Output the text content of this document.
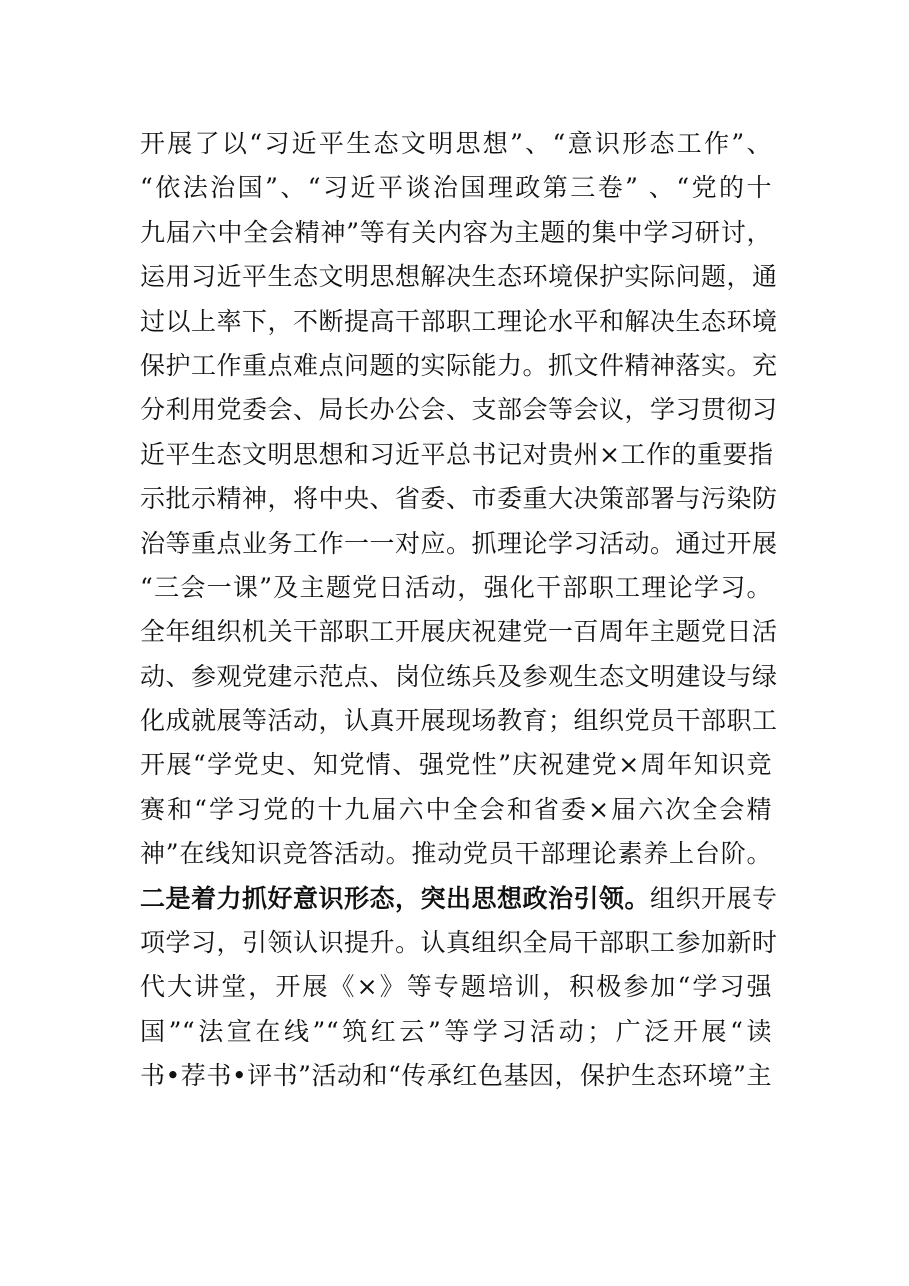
开展了以“习近平生态文明思想”、“意识形态工作”、
“依法治国”、“习近平谈治国理政第三卷” 、“党的十
九届六中全会精神”等有关内容为主题的集中学习研讨，
运用习近平生态文明思想解决生态环境保护实际问题，通
过以上率下，不断提高干部职工理论水平和解决生态环境
保护工作重点难点问题的实际能力。抓文件精神落实。充
分利用党委会、局长办公会、支部会等会议，学习贯彻习
近平生态文明思想和习近平总书记对贵州×工作的重要指
示批示精神，将中央、省委、市委重大决策部署与污染防
治等重点业务工作一一对应。抓理论学习活动。通过开展
“三会一课”及主题党日活动，强化干部职工理论学习。
全年组织机关干部职工开展庆祝建党一百周年主题党日活
动、参观党建示范点、岗位练兵及参观生态文明建设与绿
化成就展等活动，认真开展现场教育；组织党员干部职工
开展“学党史、知党情、强党性”庆祝建党×周年知识竞
赛和“学习党的十九届六中全会和省委×届六次全会精
神”在线知识竞答活动。推动党员干部理论素养上台阶。
二是着力抓好意识形态，突出思想政治引领。组织开展专
项学习，引领认识提升。认真组织全局干部职工参加新时
代大讲堂，开展《×》等专题培训，积极参加“学习强
国”“法宣在线”“筑红云”等学习活动；广泛开展“读
书•荐书•评书”活动和“传承红色基因，保护生态环境”主
